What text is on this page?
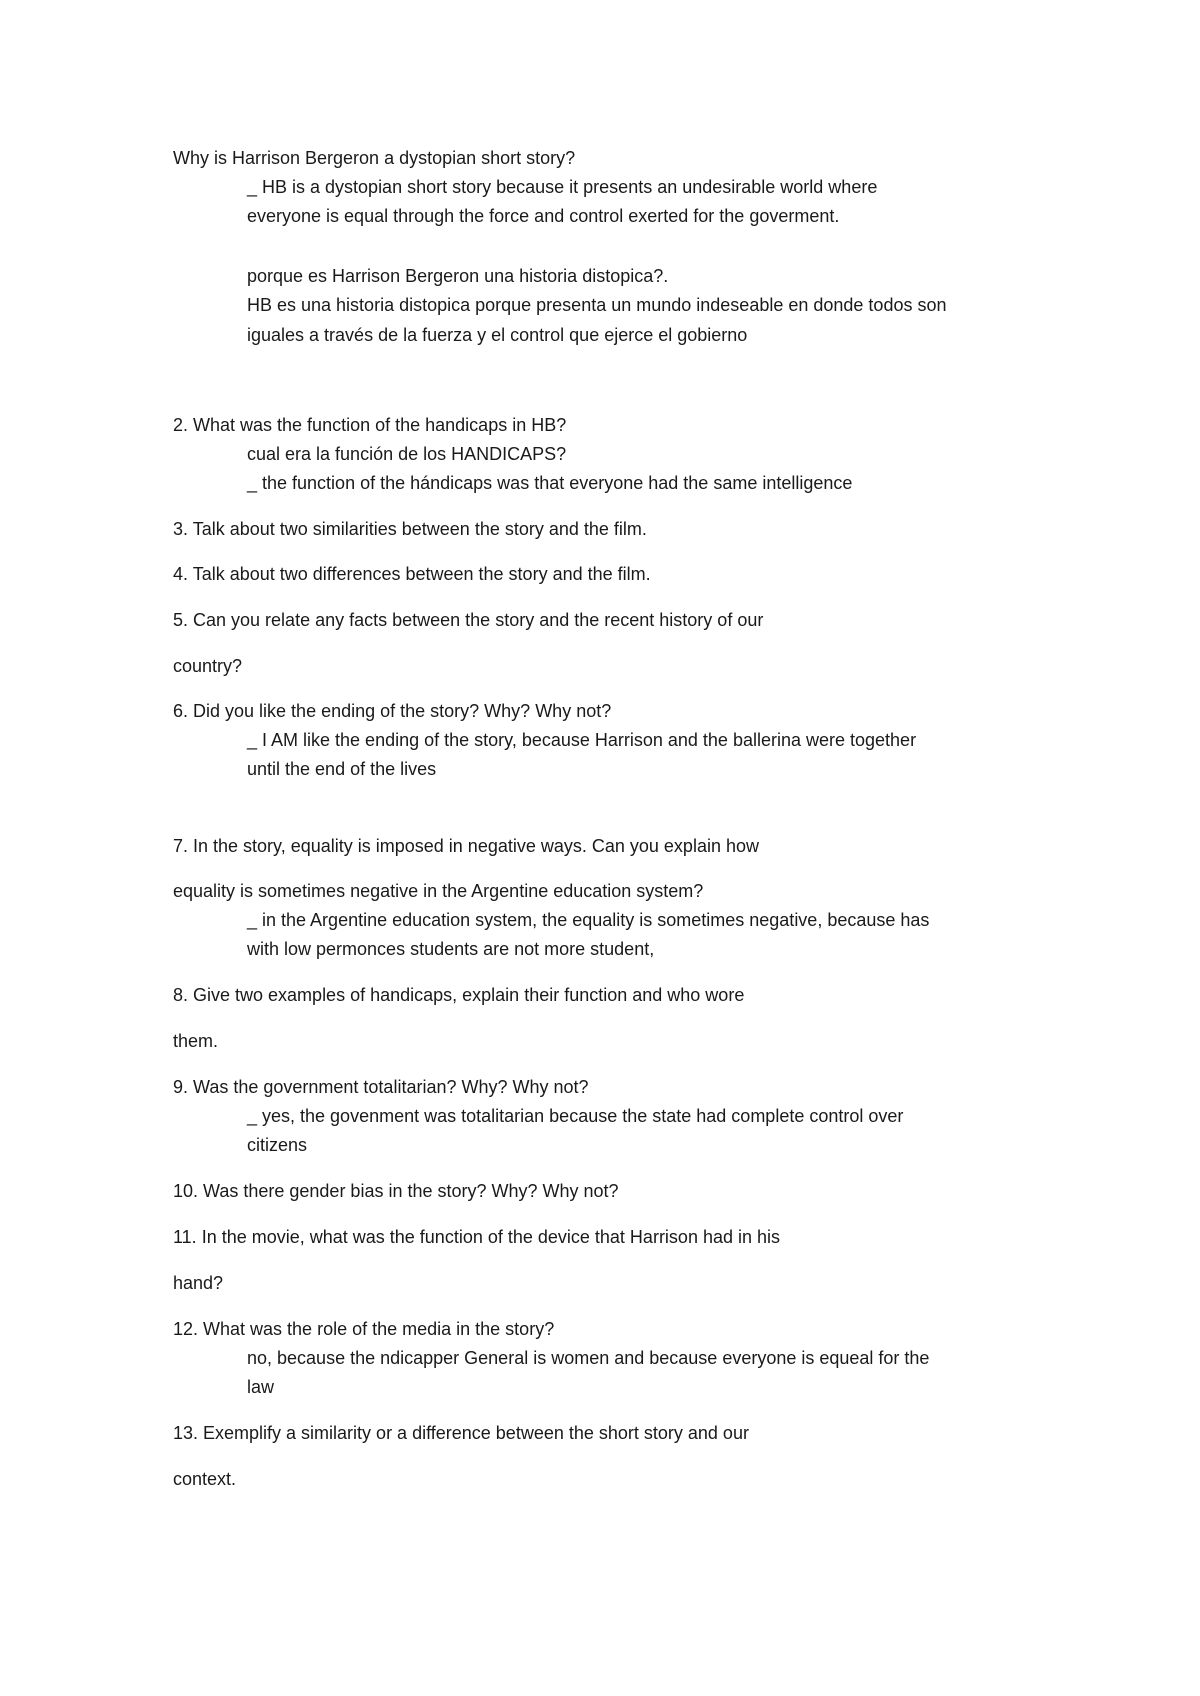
Why is Harrison Bergeron a dystopian short story?
_ HB is a dystopian short story because it presents an undesirable world where
everyone is equal through the force and control exerted for the goverment.
porque es Harrison Bergeron una historia distopica?.
HB es una historia distopica porque presenta un mundo indeseable en donde todos son
iguales a través de la fuerza y el control que ejerce el gobierno
2. What was the function of the handicaps in HB?
cual era la función de los HANDICAPS?
_ the function of the hándicaps was that everyone had the same intelligence
3. Talk about two similarities between the story and the film.
4. Talk about two differences between the story and the film.
5. Can you relate any facts between the story and the recent history of our
country?
6. Did you like the ending of the story? Why? Why not?
_ I AM like the ending of the story, because Harrison and the ballerina were together
until the end of the lives
7. In the story, equality is imposed in negative ways. Can you explain how
equality is sometimes negative in the Argentine education system?
_ in the Argentine education system, the equality is sometimes negative, because has
with low permonces students are not more student,
8. Give two examples of handicaps, explain their function and who wore
them.
9. Was the government totalitarian? Why? Why not?
_ yes, the govenment was totalitarian because the state had complete control over
citizens
10. Was there gender bias in the story? Why? Why not?
11. In the movie, what was the function of the device that Harrison had in his
hand?
12. What was the role of the media in the story?
no, because the ndicapper General is women and because everyone is equeal for the
law
13. Exemplify a similarity or a difference between the short story and our
context.
